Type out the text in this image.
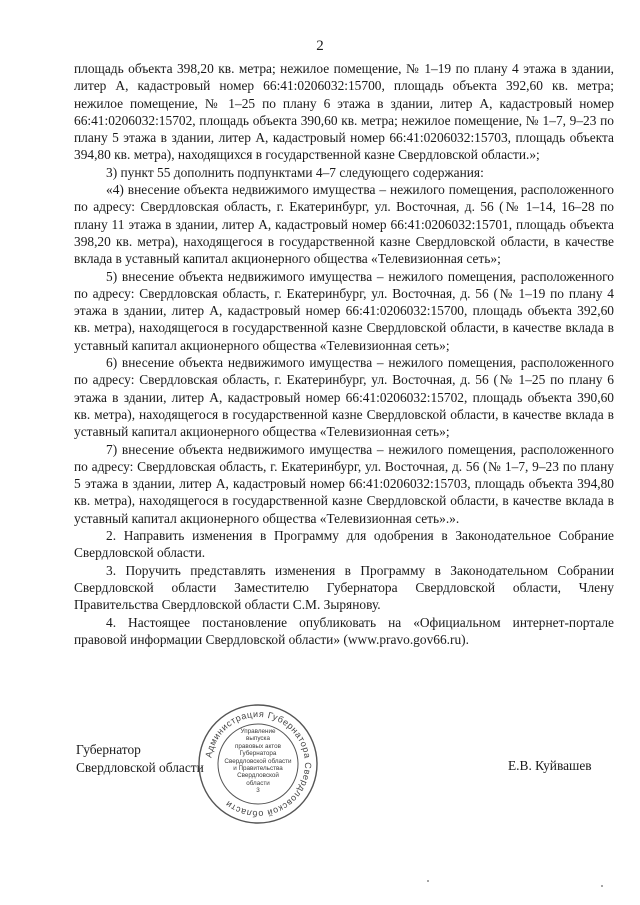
2

площадь объекта 398,20 кв. метра; нежилое помещение, № 1–19 по плану 4 этажа в здании, литер А, кадастровый номер 66:41:0206032:15700, площадь объекта 392,60 кв. метра; нежилое помещение, № 1–25 по плану 6 этажа в здании, литер А, кадастровый номер 66:41:0206032:15702, площадь объекта 390,60 кв. метра; нежилое помещение, № 1–7, 9–23 по плану 5 этажа в здании, литер А, кадастровый номер 66:41:0206032:15703, площадь объекта 394,80 кв. метра), находящихся в государственной казне Свердловской области.»;

3) пункт 55 дополнить подпунктами 4–7 следующего содержания:

«4) внесение объекта недвижимого имущества – нежилого помещения, расположенного по адресу: Свердловская область, г. Екатеринбург, ул. Восточная, д. 56 (№ 1–14, 16–28 по плану 11 этажа в здании, литер А, кадастровый номер 66:41:0206032:15701, площадь объекта 398,20 кв. метра), находящегося в государственной казне Свердловской области, в качестве вклада в уставный капитал акционерного общества «Телевизионная сеть»;

5) внесение объекта недвижимого имущества – нежилого помещения, расположенного по адресу: Свердловская область, г. Екатеринбург, ул. Восточная, д. 56 (№ 1–19 по плану 4 этажа в здании, литер А, кадастровый номер 66:41:0206032:15700, площадь объекта 392,60 кв. метра), находящегося в государственной казне Свердловской области, в качестве вклада в уставный капитал акционерного общества «Телевизионная сеть»;

6) внесение объекта недвижимого имущества – нежилого помещения, расположенного по адресу: Свердловская область, г. Екатеринбург, ул. Восточная, д. 56 (№ 1–25 по плану 6 этажа в здании, литер А, кадастровый номер 66:41:0206032:15702, площадь объекта 390,60 кв. метра), находящегося в государственной казне Свердловской области, в качестве вклада в уставный капитал акционерного общества «Телевизионная сеть»;

7) внесение объекта недвижимого имущества – нежилого помещения, расположенного по адресу: Свердловская область, г. Екатеринбург, ул. Восточная, д. 56 (№ 1–7, 9–23 по плану 5 этажа в здании, литер А, кадастровый номер 66:41:0206032:15703, площадь объекта 394,80 кв. метра), находящегося в государственной казне Свердловской области, в качестве вклада в уставный капитал акционерного общества «Телевизионная сеть».».

2. Направить изменения в Программу для одобрения в Законодательное Собрание Свердловской области.

3. Поручить представлять изменения в Программу в Законодательном Собрании Свердловской области Заместителю Губернатора Свердловской области, Члену Правительства Свердловской области С.М. Зырянову.

4. Настоящее постановление опубликовать на «Официальном интернет-портале правовой информации Свердловской области» (www.pravo.gov66.ru).

Губернатор
Свердловской области
Администрация Губернатора Свердловской области
Управление
выпуска
правовых актов
Губернатора
Свердловской области
и Правительства
Свердловской
области
3
Е.В. Куйвашев
